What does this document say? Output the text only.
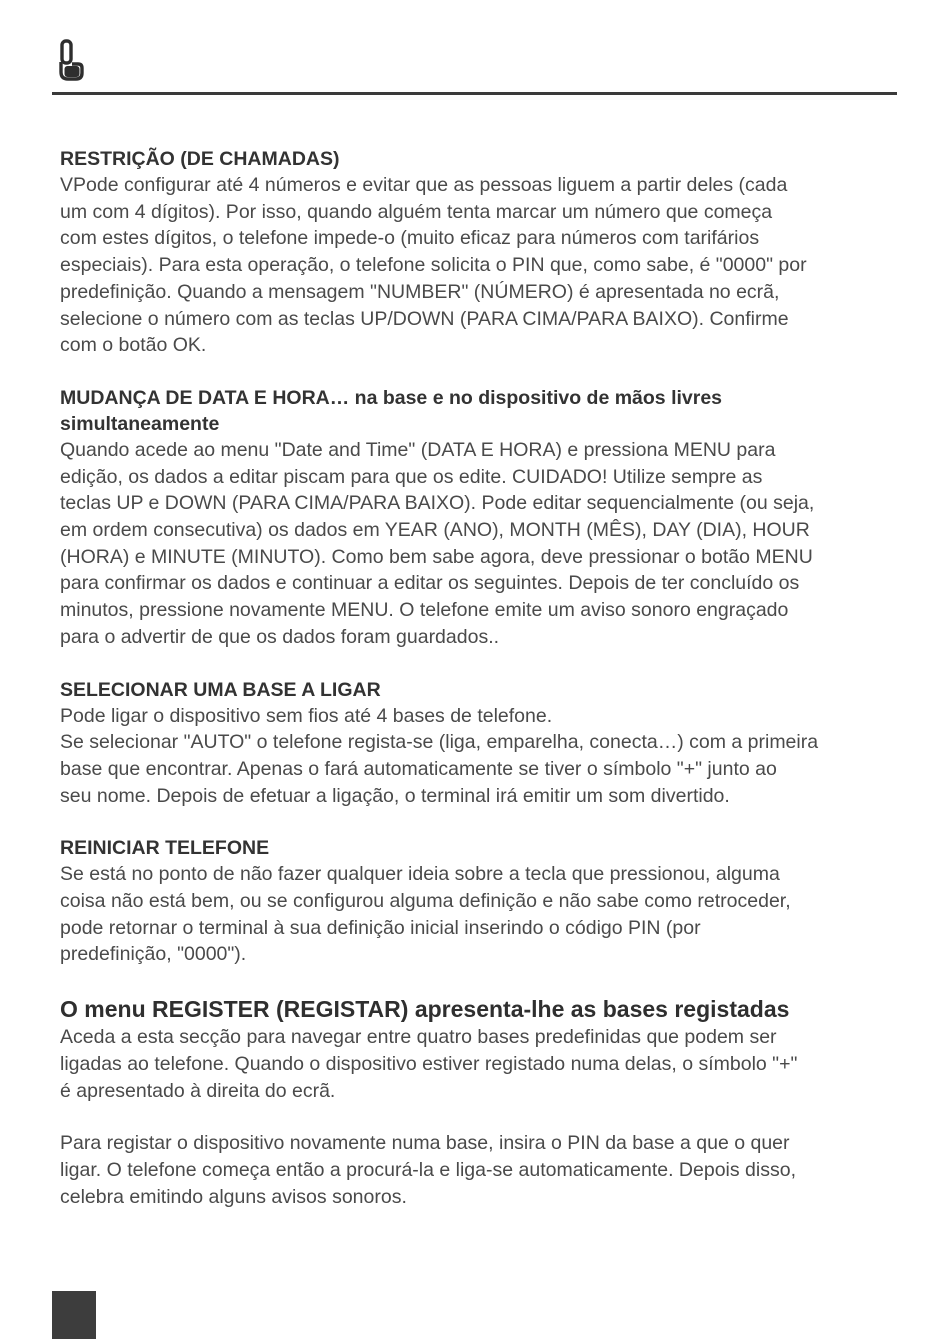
RESTRIÇÃO (DE CHAMADAS)

VPode configurar até 4 números e evitar que as pessoas liguem a partir deles (cada
um com 4 dígitos). Por isso, quando alguém tenta marcar um número que começa
com estes dígitos, o telefone impede-o (muito eficaz para números com tarifários
especiais). Para esta operação, o telefone solicita o PIN que, como sabe, é "0000" por
predefinição. Quando a mensagem "NUMBER" (NÚMERO) é apresentada no ecrã,
selecione o número com as teclas UP/DOWN (PARA CIMA/PARA BAIXO). Confirme
com o botão OK.

MUDANÇA DE DATA E HORA… na base e no dispositivo de mãos livres
simultaneamente

Quando acede ao menu "Date and Time" (DATA E HORA) e pressiona MENU para
edição, os dados a editar piscam para que os edite. CUIDADO! Utilize sempre as
teclas UP e DOWN (PARA CIMA/PARA BAIXO). Pode editar sequencialmente (ou seja,
em ordem consecutiva) os dados em YEAR (ANO), MONTH (MÊS), DAY (DIA), HOUR
(HORA) e MINUTE (MINUTO). Como bem sabe agora, deve pressionar o botão MENU
para confirmar os dados e continuar a editar os seguintes. Depois de ter concluído os
minutos, pressione novamente MENU. O telefone emite um aviso sonoro engraçado
para o advertir de que os dados foram guardados..

SELECIONAR UMA BASE A LIGAR

Pode ligar o dispositivo sem fios até 4 bases de telefone.
Se selecionar "AUTO" o telefone regista-se (liga, emparelha, conecta…) com a primeira
base que encontrar. Apenas o fará automaticamente se tiver o símbolo "+" junto ao
seu nome. Depois de efetuar a ligação, o terminal irá emitir um som divertido.

REINICIAR TELEFONE

Se está no ponto de não fazer qualquer ideia sobre a tecla que pressionou, alguma
coisa não está bem, ou se configurou alguma definição e não sabe como retroceder,
pode retornar o terminal à sua definição inicial inserindo o código PIN (por
predefinição, "0000").

O menu REGISTER (REGISTAR) apresenta-lhe as bases registadas

Aceda a esta secção para navegar entre quatro bases predefinidas que podem ser
ligadas ao telefone. Quando o dispositivo estiver registado numa delas, o símbolo "+"
é apresentado à direita do ecrã.

Para registar o dispositivo novamente numa base, insira o PIN da base a que o quer
ligar. O telefone começa então a procurá-la e liga-se automaticamente. Depois disso,
celebra emitindo alguns avisos sonoros.
